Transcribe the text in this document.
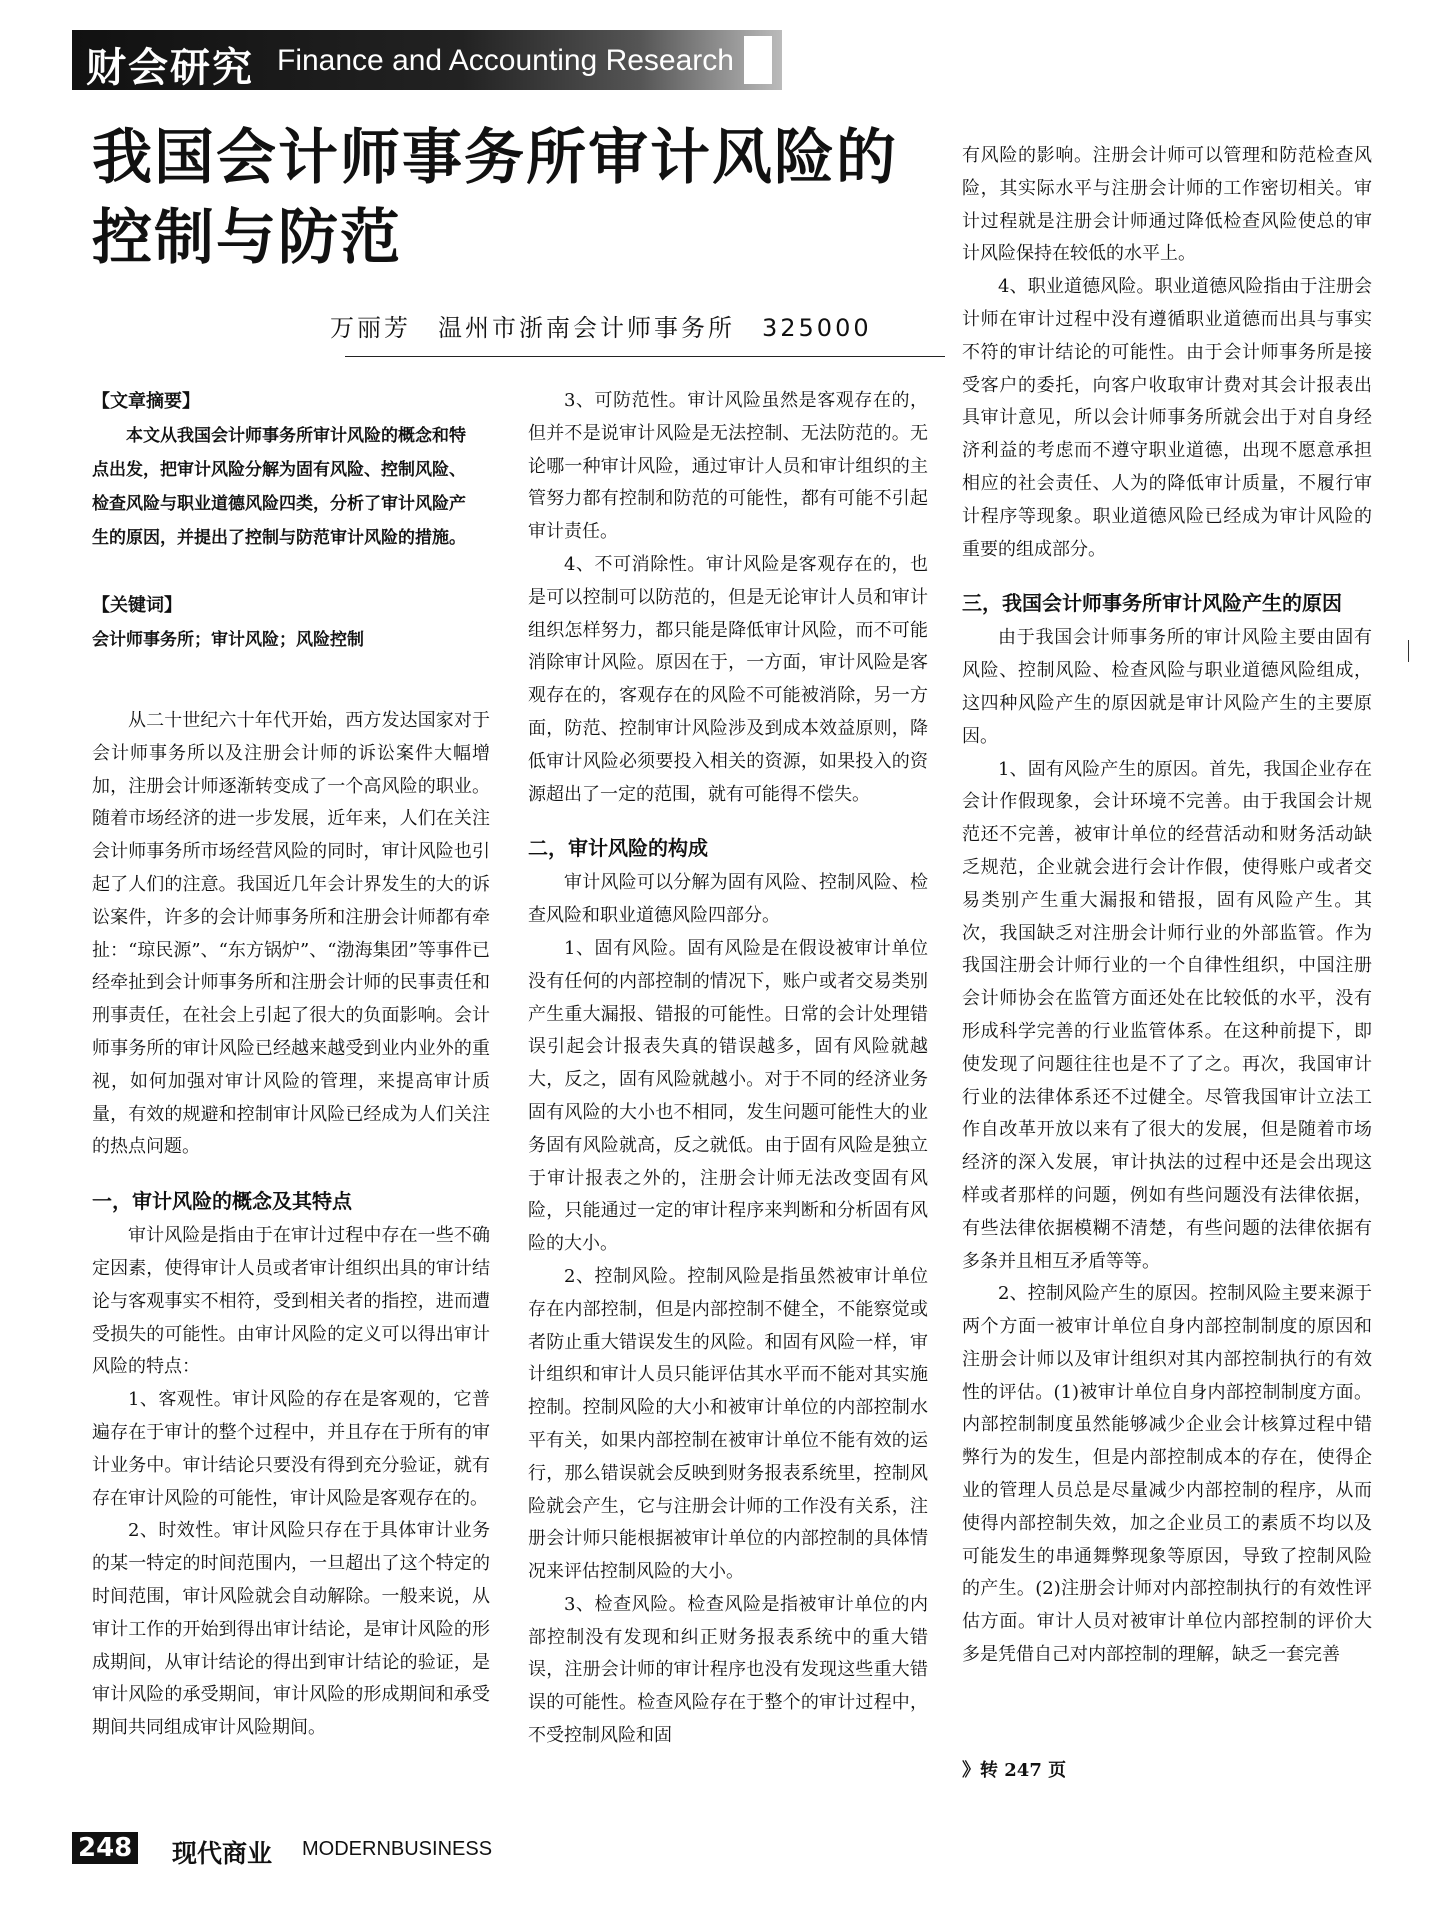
财会研究 Finance and Accounting Research
我国会计师事务所审计风险的
控制与防范
万丽芳　温州市浙南会计师事务所　325000
【文章摘要】

本文从我国会计师事务所审计风险的概念和特点出发，把审计风险分解为固有风险、控制风险、检查风险与职业道德风险四类，分析了审计风险产生的原因，并提出了控制与防范审计风险的措施。

【关键词】
会计师事务所；审计风险；风险控制

从二十世纪六十年代开始，西方发达国家对于会计师事务所以及注册会计师的诉讼案件大幅增加，注册会计师逐渐转变成了一个高风险的职业。随着市场经济的进一步发展，近年来，人们在关注会计师事务所市场经营风险的同时，审计风险也引起了人们的注意。我国近几年会计界发生的大的诉讼案件，许多的会计师事务所和注册会计师都有牵扯：“琼民源”、“东方锅炉”、“渤海集团”等事件已经牵扯到会计师事务所和注册会计师的民事责任和刑事责任，在社会上引起了很大的负面影响。会计师事务所的审计风险已经越来越受到业内业外的重视，如何加强对审计风险的管理，来提高审计质量，有效的规避和控制审计风险已经成为人们关注的热点问题。

一，审计风险的概念及其特点

审计风险是指由于在审计过程中存在一些不确定因素，使得审计人员或者审计组织出具的审计结论与客观事实不相符，受到相关者的指控，进而遭受损失的可能性。由审计风险的定义可以得出审计风险的特点：

1、客观性。审计风险的存在是客观的，它普遍存在于审计的整个过程中，并且存在于所有的审计业务中。审计结论只要没有得到充分验证，就有存在审计风险的可能性，审计风险是客观存在的。

2、时效性。审计风险只存在于具体审计业务的某一特定的时间范围内，一旦超出了这个特定的时间范围，审计风险就会自动解除。一般来说，从审计工作的开始到得出审计结论，是审计风险的形成期间，从审计结论的得出到审计结论的验证，是审计风险的承受期间，审计风险的形成期间和承受期间共同组成审计风险期间。

3、可防范性。审计风险虽然是客观存在的，但并不是说审计风险是无法控制、无法防范的。无论哪一种审计风险，通过审计人员和审计组织的主管努力都有控制和防范的可能性，都有可能不引起审计责任。

4、不可消除性。审计风险是客观存在的，也是可以控制可以防范的，但是无论审计人员和审计组织怎样努力，都只能是降低审计风险，而不可能消除审计风险。原因在于，一方面，审计风险是客观存在的，客观存在的风险不可能被消除，另一方面，防范、控制审计风险涉及到成本效益原则，降低审计风险必须要投入相关的资源，如果投入的资源超出了一定的范围，就有可能得不偿失。

二，审计风险的构成

审计风险可以分解为固有风险、控制风险、检查风险和职业道德风险四部分。

1、固有风险。固有风险是在假设被审计单位没有任何的内部控制的情况下，账户或者交易类别产生重大漏报、错报的可能性。日常的会计处理错误引起会计报表失真的错误越多，固有风险就越大，反之，固有风险就越小。对于不同的经济业务固有风险的大小也不相同，发生问题可能性大的业务固有风险就高，反之就低。由于固有风险是独立于审计报表之外的，注册会计师无法改变固有风险，只能通过一定的审计程序来判断和分析固有风险的大小。

2、控制风险。控制风险是指虽然被审计单位存在内部控制，但是内部控制不健全，不能察觉或者防止重大错误发生的风险。和固有风险一样，审计组织和审计人员只能评估其水平而不能对其实施控制。控制风险的大小和被审计单位的内部控制水平有关，如果内部控制在被审计单位不能有效的运行，那么错误就会反映到财务报表系统里，控制风险就会产生，它与注册会计师的工作没有关系，注册会计师只能根据被审计单位的内部控制的具体情况来评估控制风险的大小。

3、检查风险。检查风险是指被审计单位的内部控制没有发现和纠正财务报表系统中的重大错误，注册会计师的审计程序也没有发现这些重大错误的可能性。检查风险存在于整个的审计过程中，不受控制风险和固

有风险的影响。注册会计师可以管理和防范检查风险，其实际水平与注册会计师的工作密切相关。审计过程就是注册会计师通过降低检查风险使总的审计风险保持在较低的水平上。

4、职业道德风险。职业道德风险指由于注册会计师在审计过程中没有遵循职业道德而出具与事实不符的审计结论的可能性。由于会计师事务所是接受客户的委托，向客户收取审计费对其会计报表出具审计意见，所以会计师事务所就会出于对自身经济利益的考虑而不遵守职业道德，出现不愿意承担相应的社会责任、人为的降低审计质量，不履行审计程序等现象。职业道德风险已经成为审计风险的重要的组成部分。

三，我国会计师事务所审计风险产生的原因

由于我国会计师事务所的审计风险主要由固有风险、控制风险、检查风险与职业道德风险组成，这四种风险产生的原因就是审计风险产生的主要原因。

1、固有风险产生的原因。首先，我国企业存在会计作假现象，会计环境不完善。由于我国会计规范还不完善，被审计单位的经营活动和财务活动缺乏规范，企业就会进行会计作假，使得账户或者交易类别产生重大漏报和错报，固有风险产生。其次，我国缺乏对注册会计师行业的外部监管。作为我国注册会计师行业的一个自律性组织，中国注册会计师协会在监管方面还处在比较低的水平，没有形成科学完善的行业监管体系。在这种前提下，即使发现了问题往往也是不了了之。再次，我国审计行业的法律体系还不过健全。尽管我国审计立法工作自改革开放以来有了很大的发展，但是随着市场经济的深入发展，审计执法的过程中还是会出现这样或者那样的问题，例如有些问题没有法律依据，有些法律依据模糊不清楚，有些问题的法律依据有多条并且相互矛盾等等。

2、控制风险产生的原因。控制风险主要来源于两个方面一被审计单位自身内部控制制度的原因和注册会计师以及审计组织对其内部控制执行的有效性的评估。(1)被审计单位自身内部控制制度方面。内部控制制度虽然能够减少企业会计核算过程中错弊行为的发生，但是内部控制成本的存在，使得企业的管理人员总是尽量减少内部控制的程序，从而使得内部控制失效，加之企业员工的素质不均以及可能发生的串通舞弊现象等原因，导致了控制风险的产生。(2)注册会计师对内部控制执行的有效性评估方面。审计人员对被审计单位内部控制的评价大多是凭借自己对内部控制的理解，缺乏一套完善

》转 247 页
248 现代商业 MODERNBUSINESS
